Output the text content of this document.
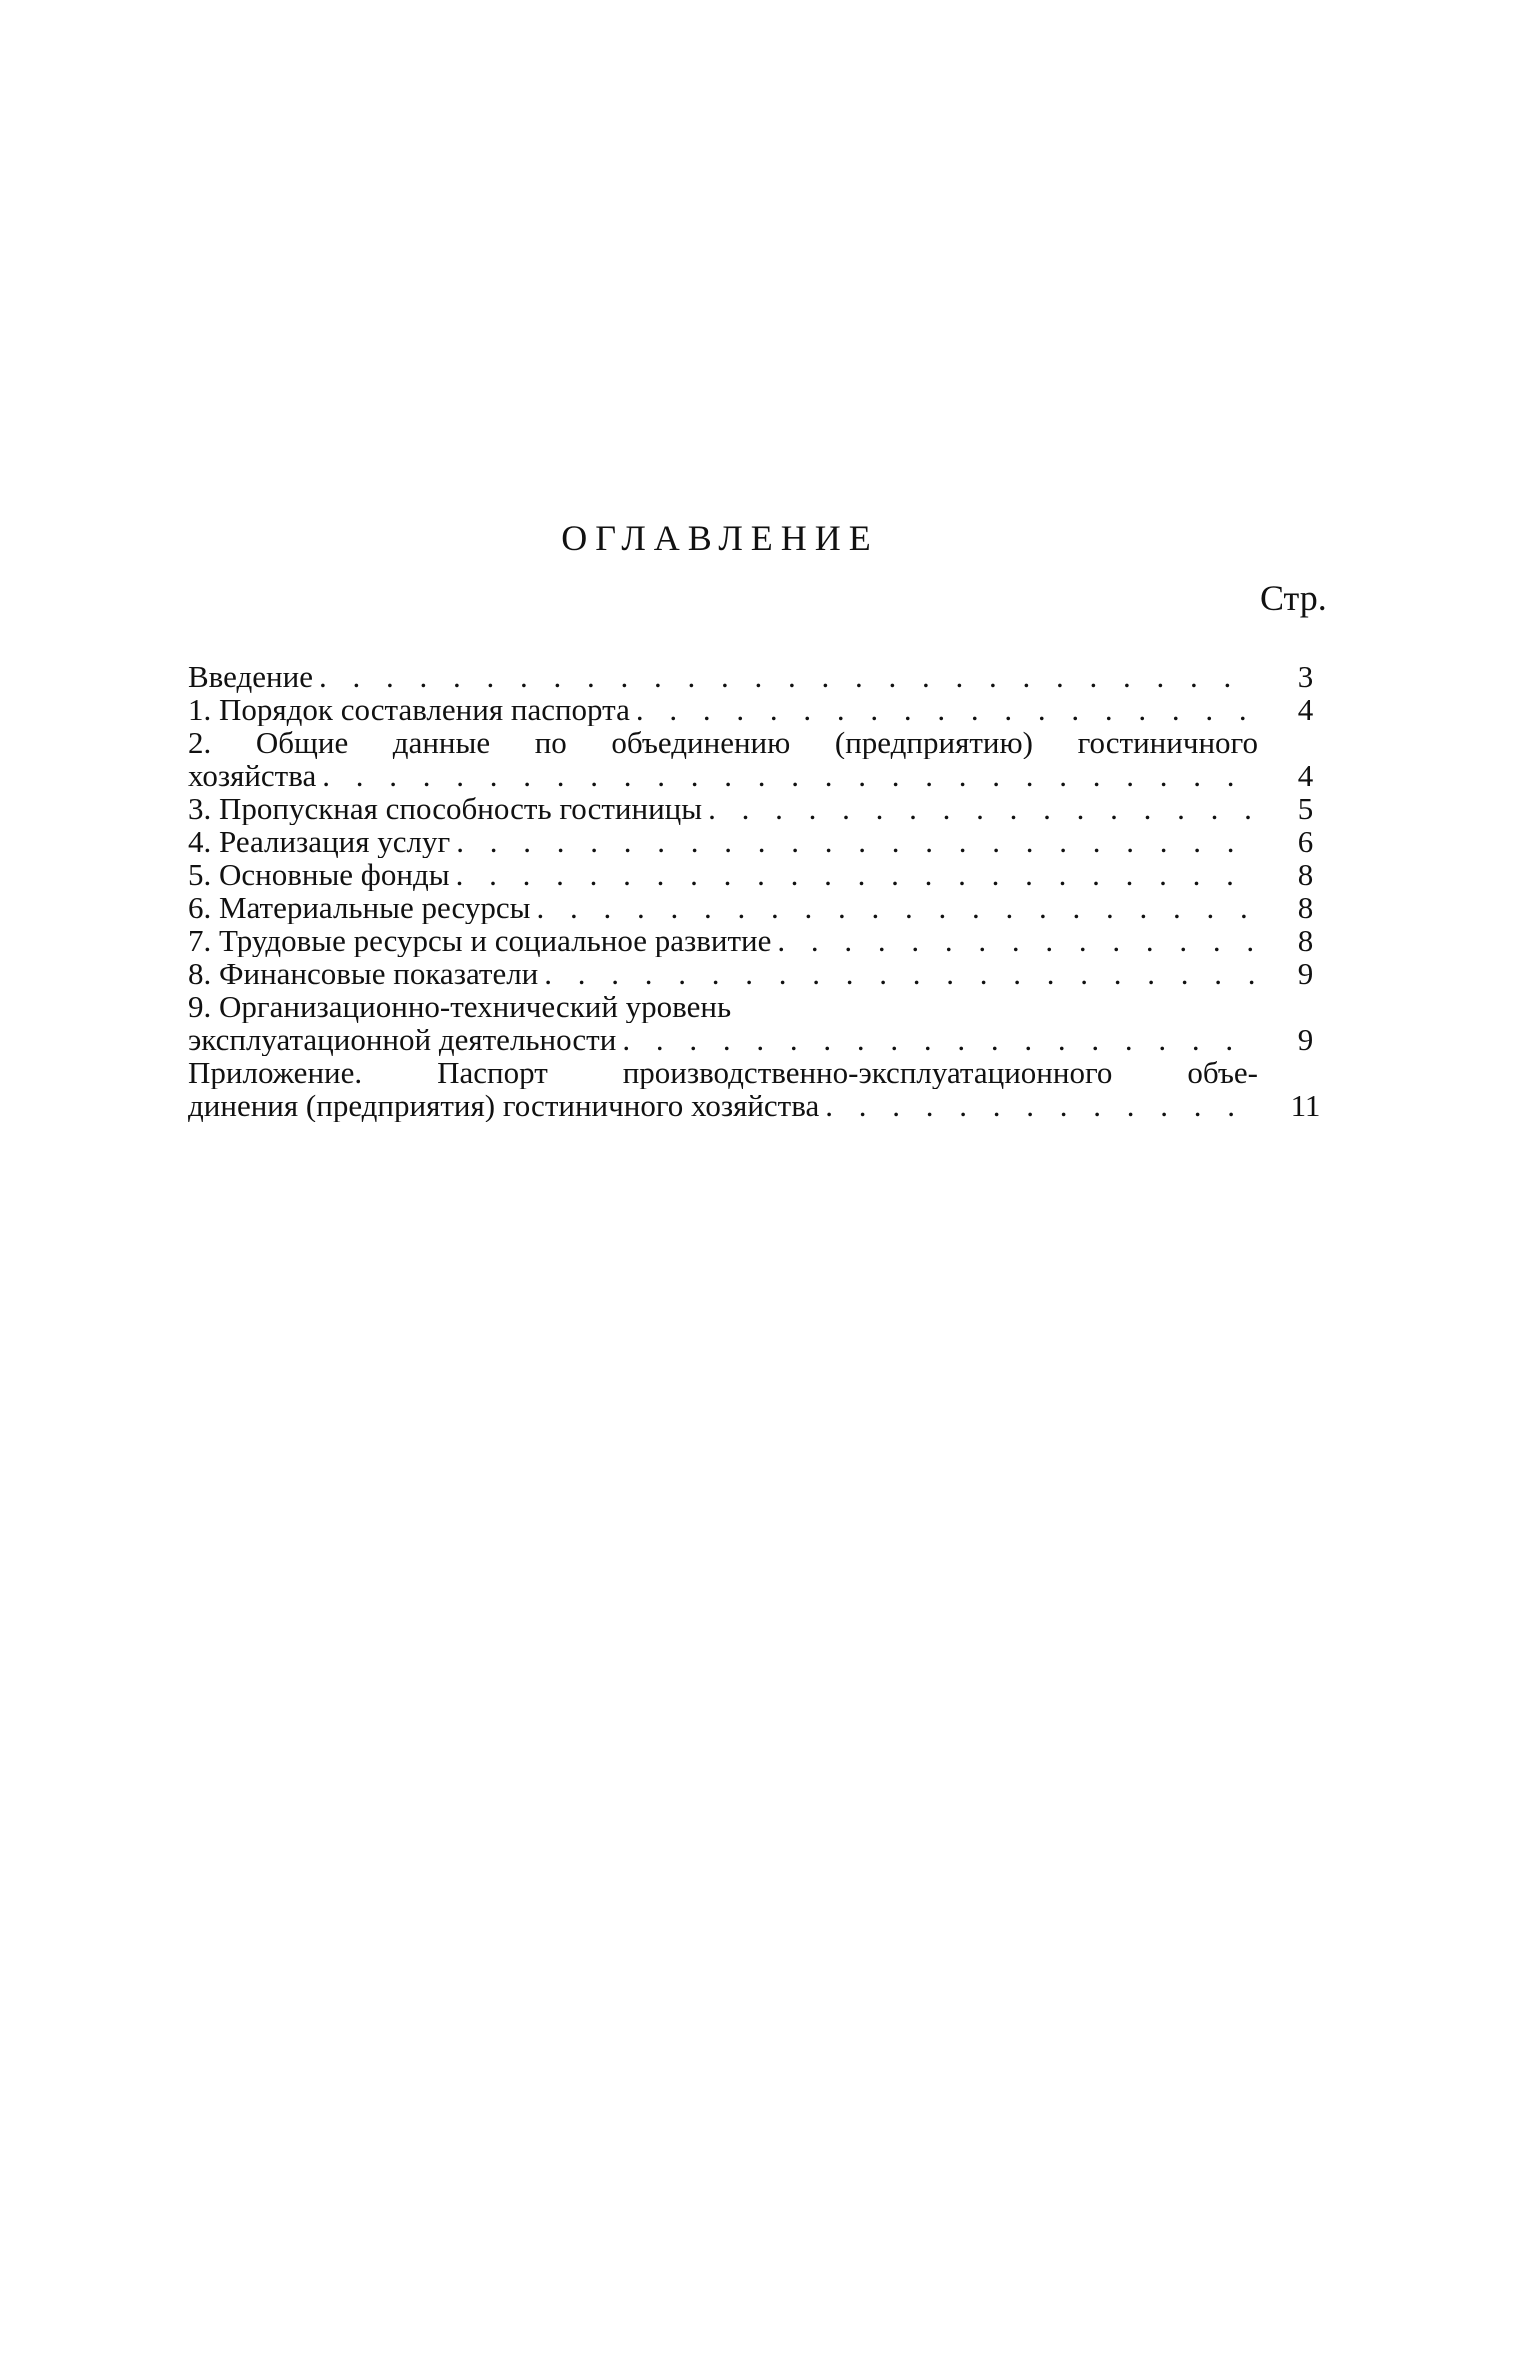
ОГЛАВЛЕНИЕ
Стр.
Введение . . .	3
1. Порядок составления паспорта . . .	4
2. Общие данные по объединению (предприятию) гостиничного
хозяйства . . .	4
3. Пропускная способность гостиницы . . .	5
4. Реализация услуг . . .	6
5. Основные фонды . . .	8
6. Материальные ресурсы . . .	8
7. Трудовые ресурсы и социальное развитие . . .	8
8. Финансовые показатели . . .	9
9. Организационно-технический уровень
эксплуатационной деятельности . . .	9
Приложение. Паспорт производственно-эксплуатационного объе-
динения (предприятия) гостиничного хозяйства . . .	11
